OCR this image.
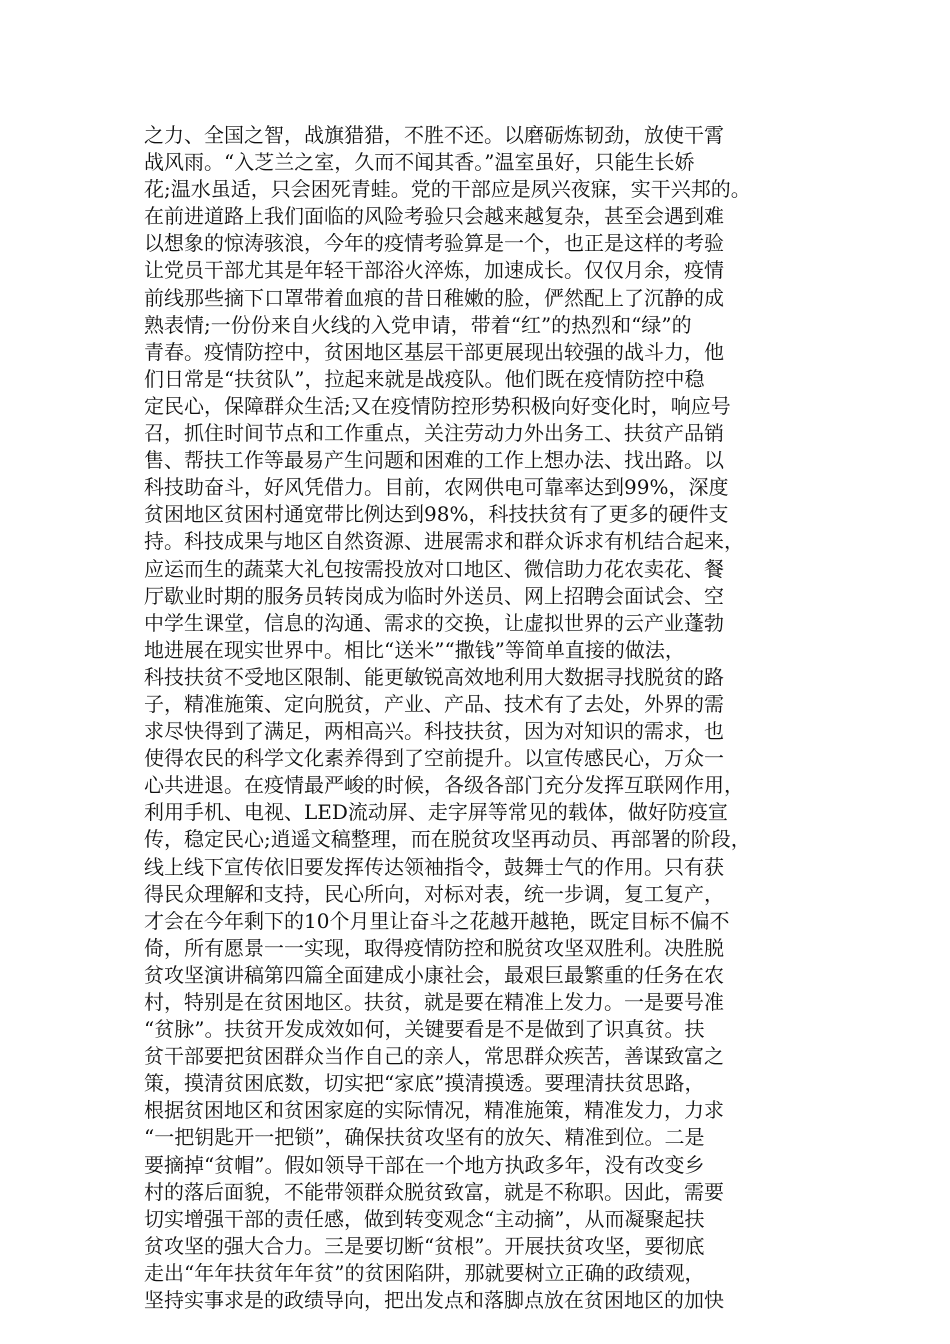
之力、全国之智，战旗猎猎，不胜不还。以磨砺炼韧劲，放使干霄
战风雨。“入芝兰之室，久而不闻其香。”温室虽好，只能生长娇
花;温水虽适，只会困死青蛙。党的干部应是夙兴夜寐，实干兴邦的。
在前进道路上我们面临的风险考验只会越来越复杂，甚至会遇到难
以想象的惊涛骇浪，今年的疫情考验算是一个，也正是这样的考验
让党员干部尤其是年轻干部浴火淬炼，加速成长。仅仅月余，疫情
前线那些摘下口罩带着血痕的昔日稚嫩的脸，俨然配上了沉静的成
熟表情;一份份来自火线的入党申请，带着“红”的热烈和“绿”的
青春。疫情防控中，贫困地区基层干部更展现出较强的战斗力，他
们日常是“扶贫队”，拉起来就是战疫队。他们既在疫情防控中稳
定民心，保障群众生活;又在疫情防控形势积极向好变化时，响应号
召，抓住时间节点和工作重点，关注劳动力外出务工、扶贫产品销
售、帮扶工作等最易产生问题和困难的工作上想办法、找出路。以
科技助奋斗，好风凭借力。目前，农网供电可靠率达到99%，深度
贫困地区贫困村通宽带比例达到98%，科技扶贫有了更多的硬件支
持。科技成果与地区自然资源、进展需求和群众诉求有机结合起来，
应运而生的蔬菜大礼包按需投放对口地区、微信助力花农卖花、餐
厅歇业时期的服务员转岗成为临时外送员、网上招聘会面试会、空
中学生课堂，信息的沟通、需求的交换，让虚拟世界的云产业蓬勃
地进展在现实世界中。相比“送米”“撒钱”等简单直接的做法，
科技扶贫不受地区限制、能更敏锐高效地利用大数据寻找脱贫的路
子，精准施策、定向脱贫，产业、产品、技术有了去处，外界的需
求尽快得到了满足，两相高兴。科技扶贫，因为对知识的需求，也
使得农民的科学文化素养得到了空前提升。以宣传感民心，万众一
心共进退。在疫情最严峻的时候，各级各部门充分发挥互联网作用，
利用手机、电视、LED流动屏、走字屏等常见的载体，做好防疫宣
传，稳定民心;逍遥文稿整理，而在脱贫攻坚再动员、再部署的阶段，
线上线下宣传依旧要发挥传达领袖指令，鼓舞士气的作用。只有获
得民众理解和支持，民心所向，对标对表，统一步调，复工复产，
才会在今年剩下的10个月里让奋斗之花越开越艳，既定目标不偏不
倚，所有愿景一一实现，取得疫情防控和脱贫攻坚双胜利。决胜脱
贫攻坚演讲稿第四篇全面建成小康社会，最艰巨最繁重的任务在农
村，特别是在贫困地区。扶贫，就是要在精准上发力。一是要号准
“贫脉”。扶贫开发成效如何，关键要看是不是做到了识真贫。扶
贫干部要把贫困群众当作自己的亲人，常思群众疾苦，善谋致富之
策，摸清贫困底数，切实把“家底”摸清摸透。要理清扶贫思路，
根据贫困地区和贫困家庭的实际情况，精准施策，精准发力，力求
“一把钥匙开一把锁”，确保扶贫攻坚有的放矢、精准到位。二是
要摘掉“贫帽”。假如领导干部在一个地方执政多年，没有改变乡
村的落后面貌，不能带领群众脱贫致富，就是不称职。因此，需要
切实增强干部的责任感，做到转变观念“主动摘”，从而凝聚起扶
贫攻坚的强大合力。三是要切断“贫根”。开展扶贫攻坚，要彻底
走出“年年扶贫年年贫”的贫困陷阱，那就要树立正确的政绩观，
坚持实事求是的政绩导向，把出发点和落脚点放在贫困地区的加快
